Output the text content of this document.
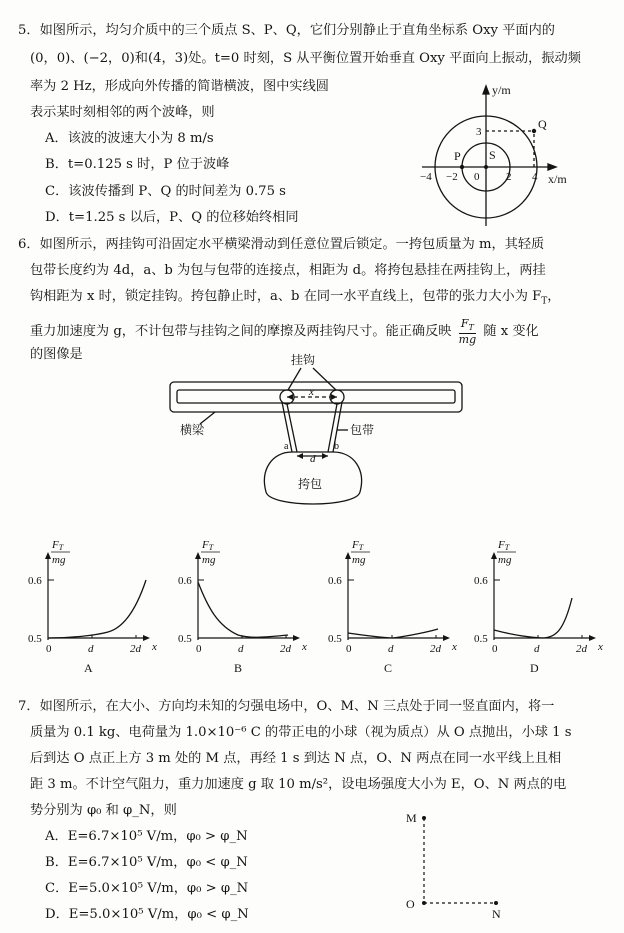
5．如图所示，均匀介质中的三个质点 S、P、Q，它们分别静止于直角坐标系 Oxy 平面内的
(0，0)、(−2，0)和(4，3)处。t=0 时刻，S 从平衡位置开始垂直 Oxy 平面向上振动，振动频
率为 2 Hz，形成向外传播的简谐横波，图中实线圆
表示某时刻相邻的两个波峰，则
A．该波的波速大小为 8 m/s
B．t=0.125 s 时，P 位于波峰
C．该波传播到 P、Q 的时间差为 0.75 s
D．t=1.25 s 以后，P、Q 的位移始终相同
y/m
x/m
0
S
P
Q
3
−4 −2	2 4
6．如图所示，两挂钩可沿固定水平横梁滑动到任意位置后锁定。一挎包质量为 m，其轻质
包带长度约为 4d，a、b 为包与包带的连接点，相距为 d。将挎包悬挂在两挂钩上，两挂
钩相距为 x 时，锁定挂钩。挎包静止时，a、b 在同一水平直线上，包带的张力大小为 $F_T$，
重力加速度为 g，不计包带与挂钩之间的摩擦及两挂钩尺寸。能正确反映 $\frac{F_T}{mg}$ 随 x 变化
的图像是	挂钩
横梁	包带
挎包
x
d
a	b
FT
mg
0.6
0.5
0	d	2d x
A
FT
mg
0.6
0.5
0	d	2d x
B
FT
mg
0.6
0.5
0	d	2d x
C
FT
mg
0.6
0.5
0	d	2d x
D
7．如图所示，在大小、方向均未知的匀强电场中，O、M、N 三点处于同一竖直面内，将一
质量为 0.1 kg、电荷量为 1.0×10⁻⁶ C 的带正电的小球（视为质点）从 O 点抛出，小球 1 s
后到达 O 点正上方 3 m 处的 M 点，再经 1 s 到达 N 点，O、N 两点在同一水平线上且相
距 3 m。不计空气阻力，重力加速度 g 取 10 m/s²，设电场强度大小为 E，O、N 两点的电
势分别为 φ₀ 和 φ_N，则
A．E=6.7×10⁵ V/m，φ₀ > φ_N
B．E=6.7×10⁵ V/m，φ₀ < φ_N
C．E=5.0×10⁵ V/m，φ₀ > φ_N
D．E=5.0×10⁵ V/m，φ₀ < φ_N
M
O
N
